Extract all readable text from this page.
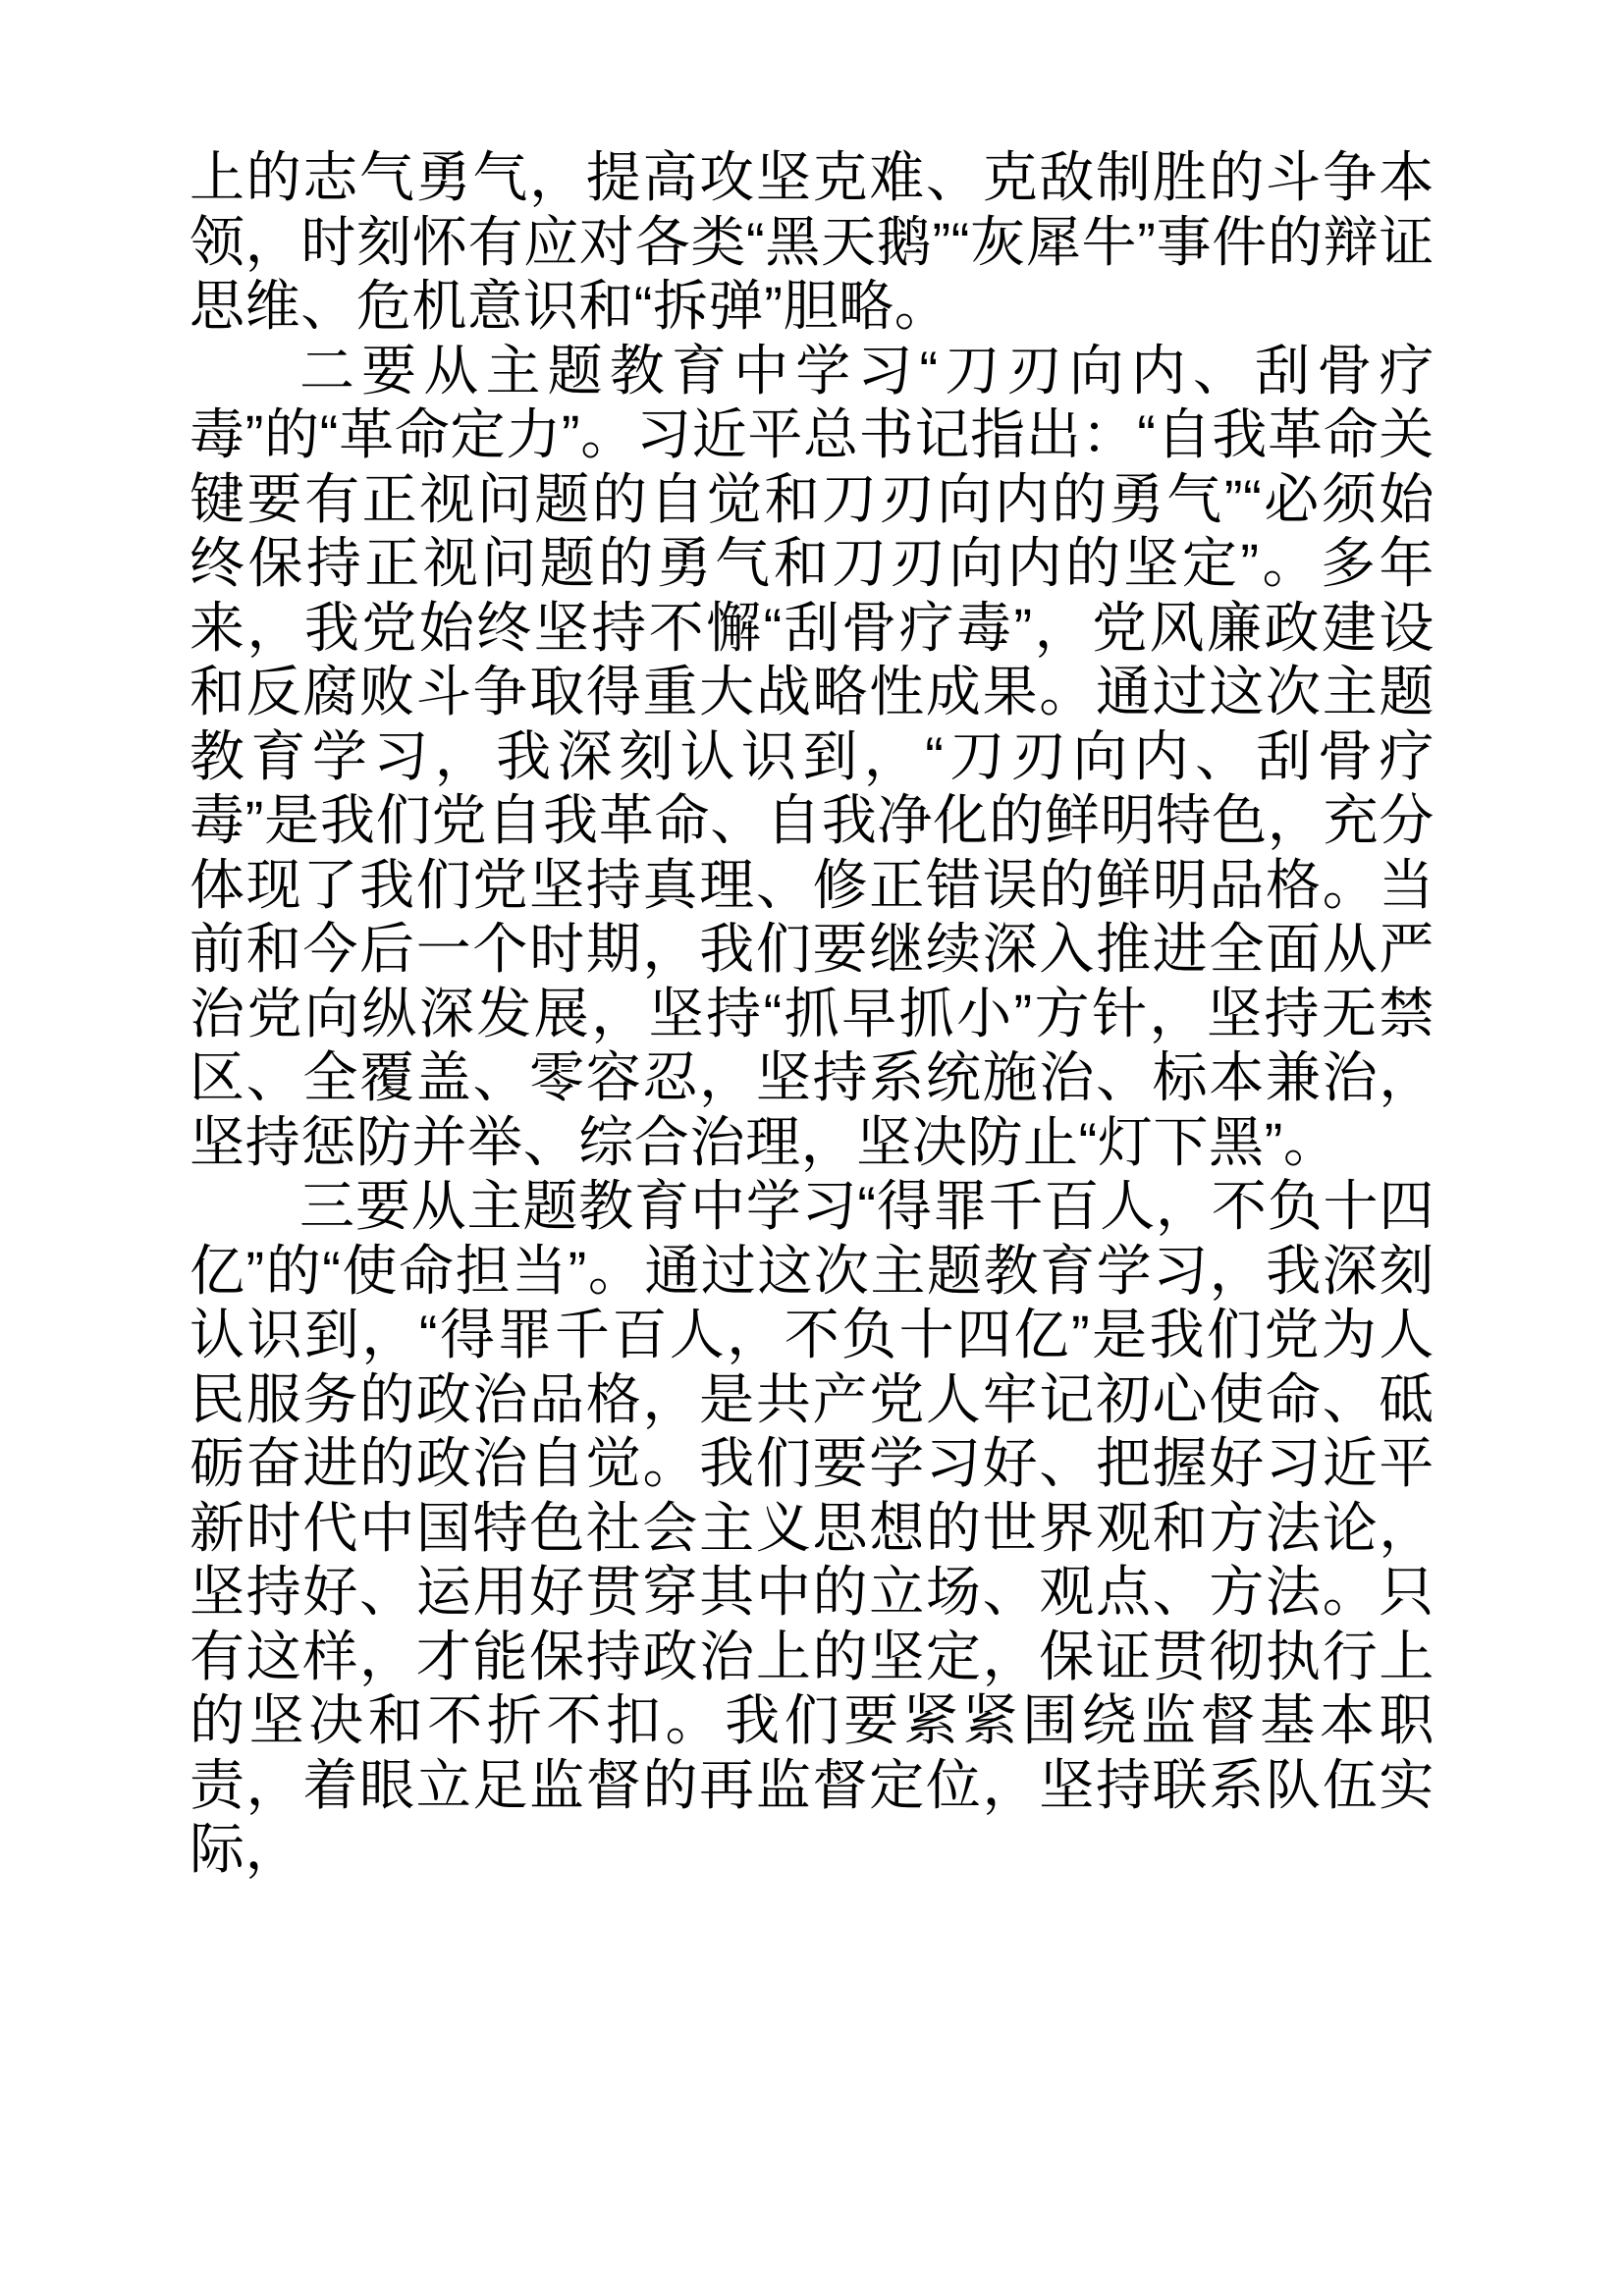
上的志气勇气，提高攻坚克难、克敌制胜的斗争本领，时刻怀有应对各类“黑天鹅”“灰犀牛”事件的辩证思维、危机意识和“拆弹”胆略。

二要从主题教育中学习“刀刃向内、刮骨疗毒”的“革命定力”。习近平总书记指出：“自我革命关键要有正视问题的自觉和刀刃向内的勇气”“必须始终保持正视问题的勇气和刀刃向内的坚定”。多年来，我党始终坚持不懈“刮骨疗毒”，党风廉政建设和反腐败斗争取得重大战略性成果。通过这次主题教育学习，我深刻认识到，“刀刃向内、刮骨疗毒”是我们党自我革命、自我净化的鲜明特色，充分体现了我们党坚持真理、修正错误的鲜明品格。当前和今后一个时期，我们要继续深入推进全面从严治党向纵深发展，坚持“抓早抓小”方针，坚持无禁区、全覆盖、零容忍，坚持系统施治、标本兼治，坚持惩防并举、综合治理，坚决防止“灯下黑”。

三要从主题教育中学习“得罪千百人，不负十四亿”的“使命担当”。通过这次主题教育学习，我深刻认识到，“得罪千百人，不负十四亿”是我们党为人民服务的政治品格，是共产党人牢记初心使命、砥砺奋进的政治自觉。我们要学习好、把握好习近平新时代中国特色社会主义思想的世界观和方法论，坚持好、运用好贯穿其中的立场、观点、方法。只有这样，才能保持政治上的坚定，保证贯彻执行上的坚决和不折不扣。我们要紧紧围绕监督基本职责，着眼立足监督的再监督定位，坚持联系队伍实际，
